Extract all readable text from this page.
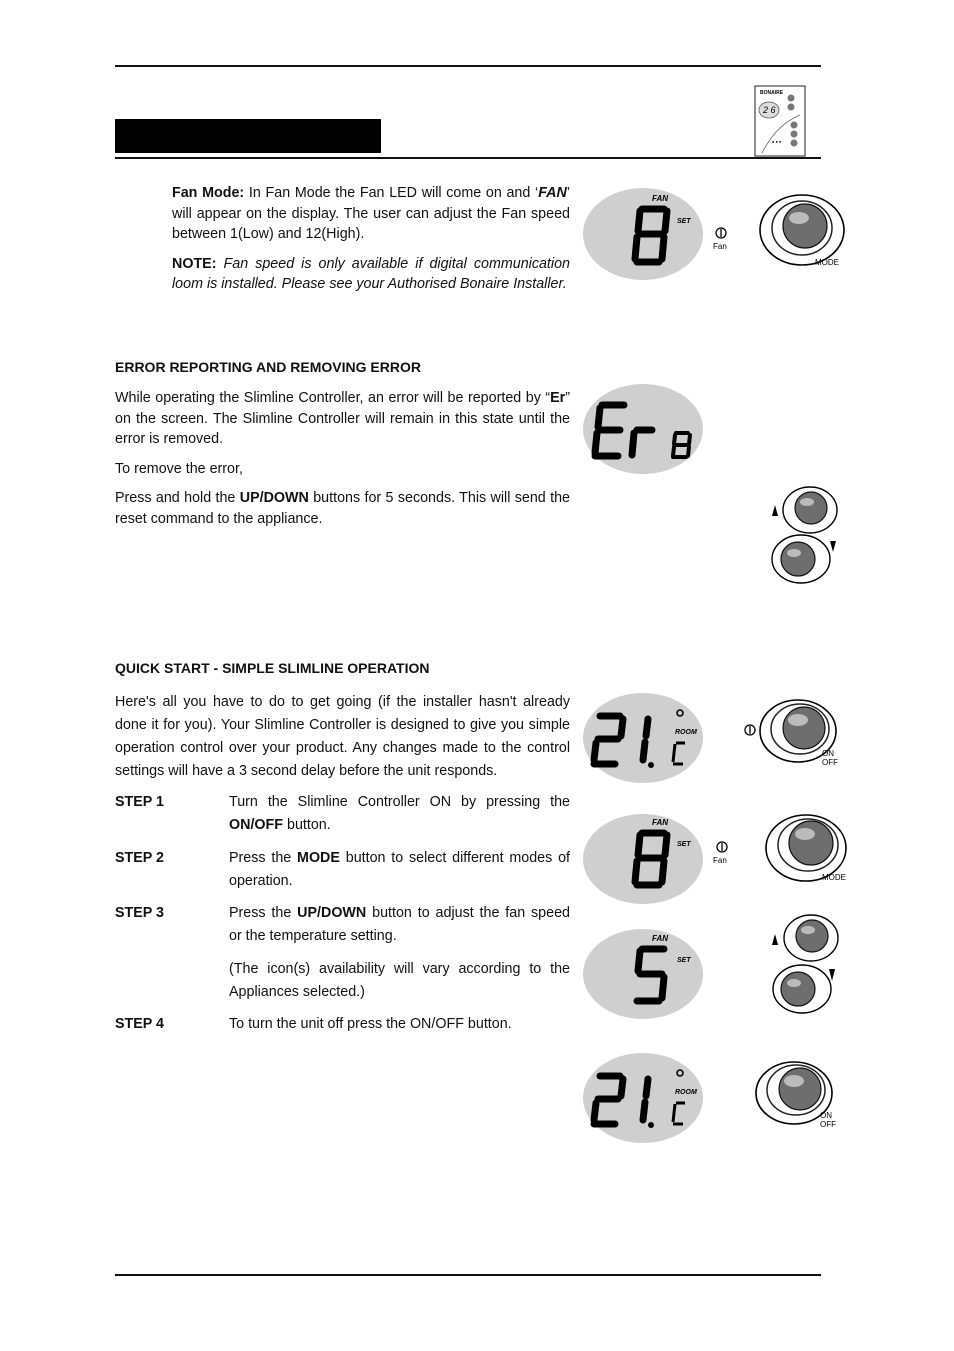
BONAIRE
2 6
● ● ●

Fan Mode: In Fan Mode the Fan LED will come on and ‘FAN’ will appear on the display. The user can adjust the Fan speed between 1(Low) and 12(High).

NOTE: Fan speed is only available if digital communication loom is installed. Please see your Authorised Bonaire Installer.

FAN
SET
Fan
MODE
ERROR REPORTING AND REMOVING ERROR

While operating the Slimline Controller, an error will be reported by “Er” on the screen. The Slimline Controller will remain in this state until the error is removed.

To remove the error,

Press and hold the UP/DOWN buttons for 5 seconds. This will send the reset command to the appliance.

QUICK START - SIMPLE SLIMLINE OPERATION
Here's all you have to do to get going (if the installer hasn't already done it for you). Your Slimline Controller is designed to give you simple operation control over your product. Any changes made to the control settings will have a 3 second delay before the unit responds.
STEP 1	Turn the Slimline Controller ON by pressing the ON/OFF button.
STEP 2	Press the MODE button to select different modes of operation.
STEP 3	Press the UP/DOWN button to adjust the fan speed or the temperature setting.
(The icon(s) availability will vary according to the Appliances selected.)
STEP 4	To turn the unit off press the ON/OFF button.
ROOM
ON
OFF
FAN
SET
Fan
MODE
FAN
SET
ROOM
ON
OFF
